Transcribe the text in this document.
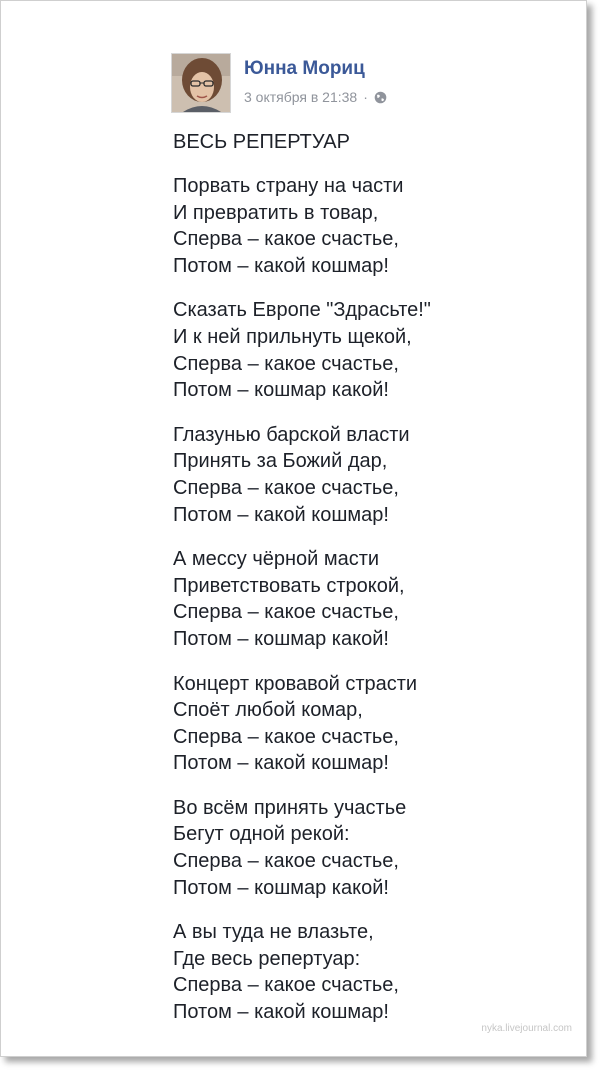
Юнна Мориц
3 октября в 21:38 ·
ВЕСЬ РЕПЕРТУАР
Порвать страну на части
И превратить в товар,
Сперва – какое счастье,
Потом – какой кошмар!
Сказать Европе "Здрасьте!"
И к ней прильнуть щекой,
Сперва – какое счастье,
Потом – кошмар какой!
Глазунью барской власти
Принять за Божий дар,
Сперва – какое счастье,
Потом – какой кошмар!
А мессу чёрной масти
Приветствовать строкой,
Сперва – какое счастье,
Потом – кошмар какой!
Концерт кровавой страсти
Споёт любой комар,
Сперва – какое счастье,
Потом – какой кошмар!
Во всём принять участье
Бегут одной рекой:
Сперва – какое счастье,
Потом – кошмар какой!
А вы туда не влазьте,
Где весь репертуар:
Сперва – какое счастье,
Потом – какой кошмар!
nyka.livejournal.com
